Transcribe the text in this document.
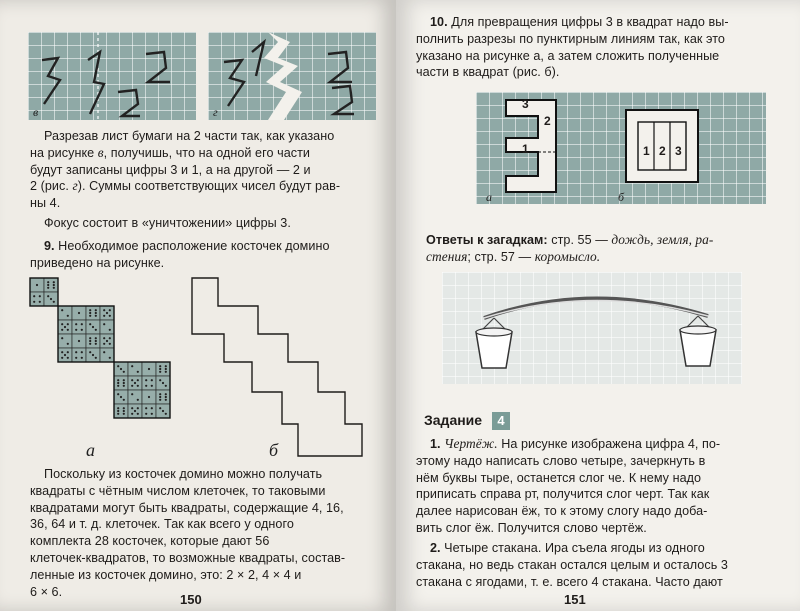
в	г
Разрезав лист бумаги на 2 части так, как указано
на рисунке в, получишь, что на одной его части
будут записаны цифры 3 и 1, а на другой — 2 и
2 (рис. г). Суммы соответствующих чисел будут рав-
ны 4.
Фокус состоит в «уничтожении» цифры 3.
9. Необходимое расположение косточек домино
приведено на рисунке.
а	б
Поскольку из косточек домино можно получать
квадраты с чётным числом клеточек, то таковыми
квадратами могут быть квадраты, содержащие 4, 16,
36, 64 и т. д. клеточек. Так как всего у одного
комплекта 28 косточек, которые дают 56
клеточек-квадратов, то возможные квадраты, состав-
ленные из косточек домино, это: 2 × 2, 4 × 4 и
6 × 6.
150
10. Для превращения цифры 3 в квадрат надо вы-
полнить разрезы по пунктирным линиям так, как это
указано на рисунке а, а затем сложить полученные
части в квадрат (рис. б).
3
2
1	1 2 3
а	б
Ответы к загадкам: стр. 55 — дождь, земля, ра-
стения; стр. 57 — коромысло.
Задание 4
1. Чертёж. На рисунке изображена цифра 4, по-
этому надо написать слово четыре, зачеркнуть в
нём буквы тыре, останется слог че. К нему надо
приписать справа рт, получится слог черт. Так как
далее нарисован ёж, то к этому слогу надо доба-
вить слог ёж. Получится слово чертёж.
2. Четыре стакана. Ира съела ягоды из одного
стакана, но ведь стакан остался целым и осталось 3
стакана с ягодами, т. е. всего 4 стакана. Часто дают
151
